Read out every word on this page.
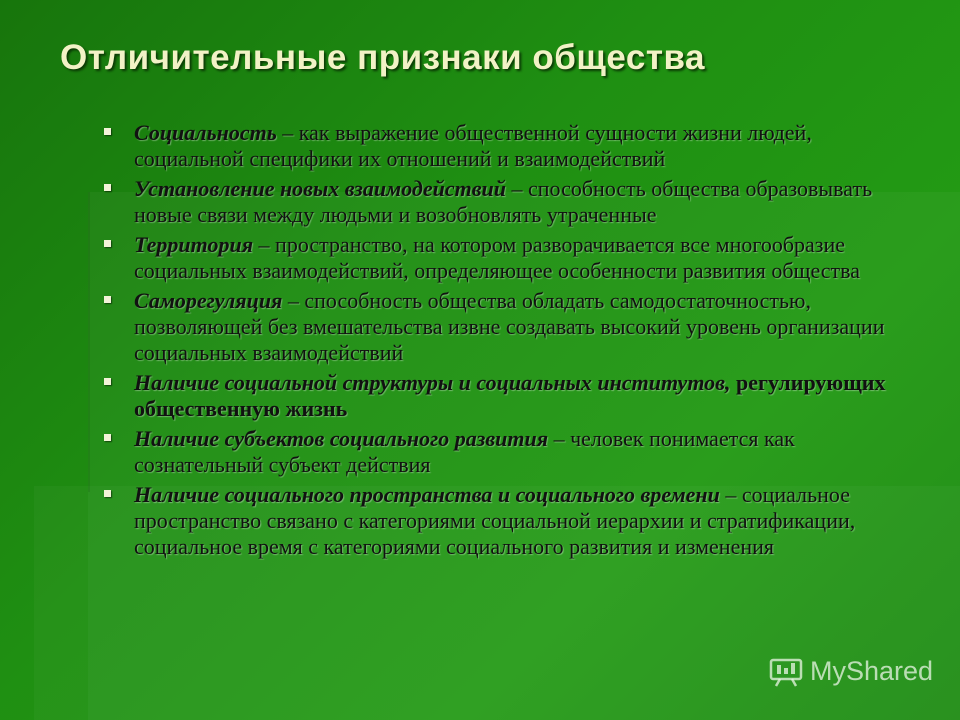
Отличительные признаки общества
Социальность – как выражение общественной сущности жизни людей, социальной специфики их отношений и взаимодействий
Установление новых взаимодействий – способность общества образовывать новые связи между людьми и возобновлять утраченные
Территория – пространство, на котором разворачивается все многообразие социальных взаимодействий, определяющее особенности развития общества
Саморегуляция – способность общества обладать самодостаточностью, позволяющей без вмешательства извне создавать высокий уровень организации социальных взаимодействий
Наличие социальной структуры и социальных институтов, регулирующих общественную жизнь
Наличие субъектов социального развития – человек понимается как сознательный субъект действия
Наличие социального пространства и социального времени – социальное пространство связано с категориями социальной иерархии и стратификации, социальное время с категориями социального развития и изменения
MyShared
